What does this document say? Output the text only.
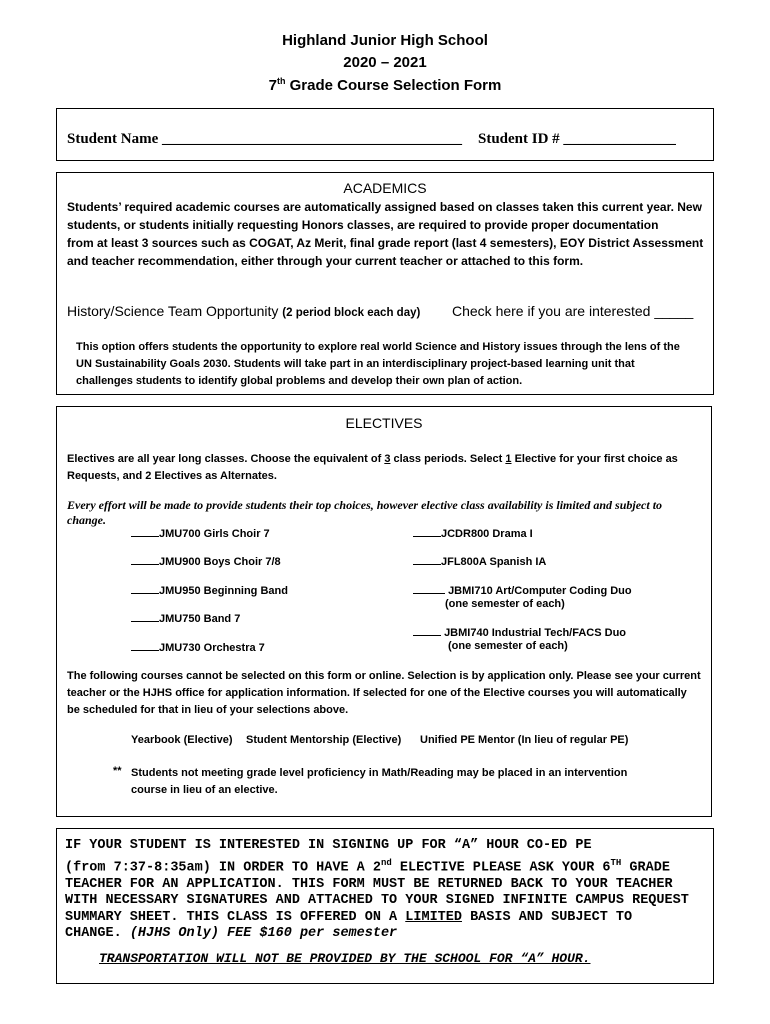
Highland Junior High School
2020 – 2021
7th Grade Course Selection Form
Student Name ________________________________________ Student ID # _______________
ACADEMICS
Students’ required academic courses are automatically assigned based on classes taken this current year. New
students, or students initially requesting Honors classes, are required to provide proper documentation
from at least 3 sources such as COGAT, Az Merit, final grade report (last 4 semesters), EOY District Assessment
and teacher recommendation, either through your current teacher or attached to this form.
History/Science Team Opportunity (2 period block each day) Check here if you are interested _____
This option offers students the opportunity to explore real world Science and History issues through the lens of the
UN Sustainability Goals 2030. Students will take part in an interdisciplinary project-based learning unit that
challenges students to identify global problems and develop their own plan of action.
ELECTIVES
Electives are all year long classes. Choose the equivalent of 3 class periods. Select 1 Elective for your first choice as
Requests, and 2 Electives as Alternates.
Every effort will be made to provide students their top choices, however elective class availability is limited and subject to
change.
JMU700 Girls Choir 7
JMU900 Boys Choir 7/8
JMU950 Beginning Band
JMU750 Band 7
JMU730 Orchestra 7
JCDR800 Drama I
JFL800A Spanish IA
JBMI710 Art/Computer Coding Duo
(one semester of each)
JBMI740 Industrial Tech/FACS Duo
(one semester of each)
The following courses cannot be selected on this form or online. Selection is by application only. Please see your current
teacher or the HJHS office for application information. If selected for one of the Elective courses you will automatically
be scheduled for that in lieu of your selections above.
Yearbook (Elective) Student Mentorship (Elective) Unified PE Mentor (In lieu of regular PE)
** Students not meeting grade level proficiency in Math/Reading may be placed in an intervention
course in lieu of an elective.
IF YOUR STUDENT IS INTERESTED IN SIGNING UP FOR “A” HOUR CO-ED PE
(from 7:37-8:35am) IN ORDER TO HAVE A 2nd ELECTIVE PLEASE ASK YOUR 6TH GRADE
TEACHER FOR AN APPLICATION. THIS FORM MUST BE RETURNED BACK TO YOUR TEACHER
WITH NECESSARY SIGNATURES AND ATTACHED TO YOUR SIGNED INFINITE CAMPUS REQUEST
SUMMARY SHEET. THIS CLASS IS OFFERED ON A LIMITED BASIS AND SUBJECT TO
CHANGE. (HJHS Only) FEE $160 per semester
TRANSPORTATION WILL NOT BE PROVIDED BY THE SCHOOL FOR “A” HOUR.
